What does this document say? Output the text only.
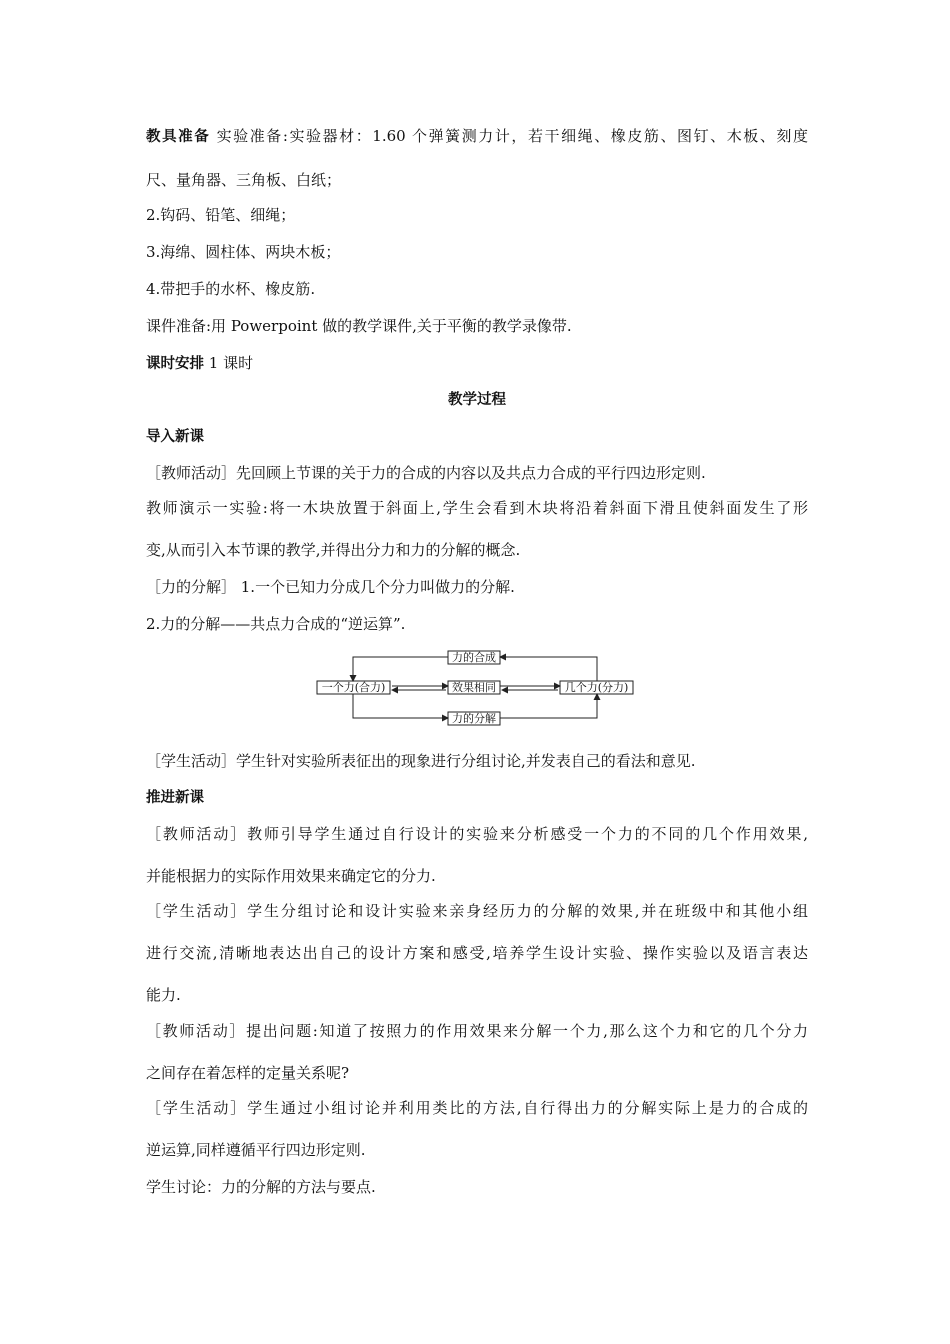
教具准备 实验准备:实验器材：1.60 个弹簧测力计，若干细绳、橡皮筋、图钉、木板、刻度
尺、量角器、三角板、白纸；
2.钩码、铅笔、细绳；
3.海绵、圆柱体、两块木板；
4.带把手的水杯、橡皮筋.
课件准备:用 Powerpoint 做的教学课件,关于平衡的教学录像带.
课时安排 1 课时
教学过程
导入新课
［教师活动］先回顾上节课的关于力的合成的内容以及共点力合成的平行四边形定则.
教师演示一实验:将一木块放置于斜面上,学生会看到木块将沿着斜面下滑且使斜面发生了形
变,从而引入本节课的教学,并得出分力和力的分解的概念.
［力的分解］ 1.一个已知力分成几个分力叫做力的分解.
2.力的分解——共点力合成的“逆运算”.
力的合成
一个力(合力)	效果相同	几个力(分力)
力的分解
［学生活动］学生针对实验所表征出的现象进行分组讨论,并发表自己的看法和意见.
推进新课
［教师活动］教师引导学生通过自行设计的实验来分析感受一个力的不同的几个作用效果,
并能根据力的实际作用效果来确定它的分力.
［学生活动］学生分组讨论和设计实验来亲身经历力的分解的效果,并在班级中和其他小组
进行交流,清晰地表达出自己的设计方案和感受,培养学生设计实验、操作实验以及语言表达
能力.
［教师活动］提出问题:知道了按照力的作用效果来分解一个力,那么这个力和它的几个分力
之间存在着怎样的定量关系呢?
［学生活动］学生通过小组讨论并利用类比的方法,自行得出力的分解实际上是力的合成的
逆运算,同样遵循平行四边形定则.
学生讨论：力的分解的方法与要点.
